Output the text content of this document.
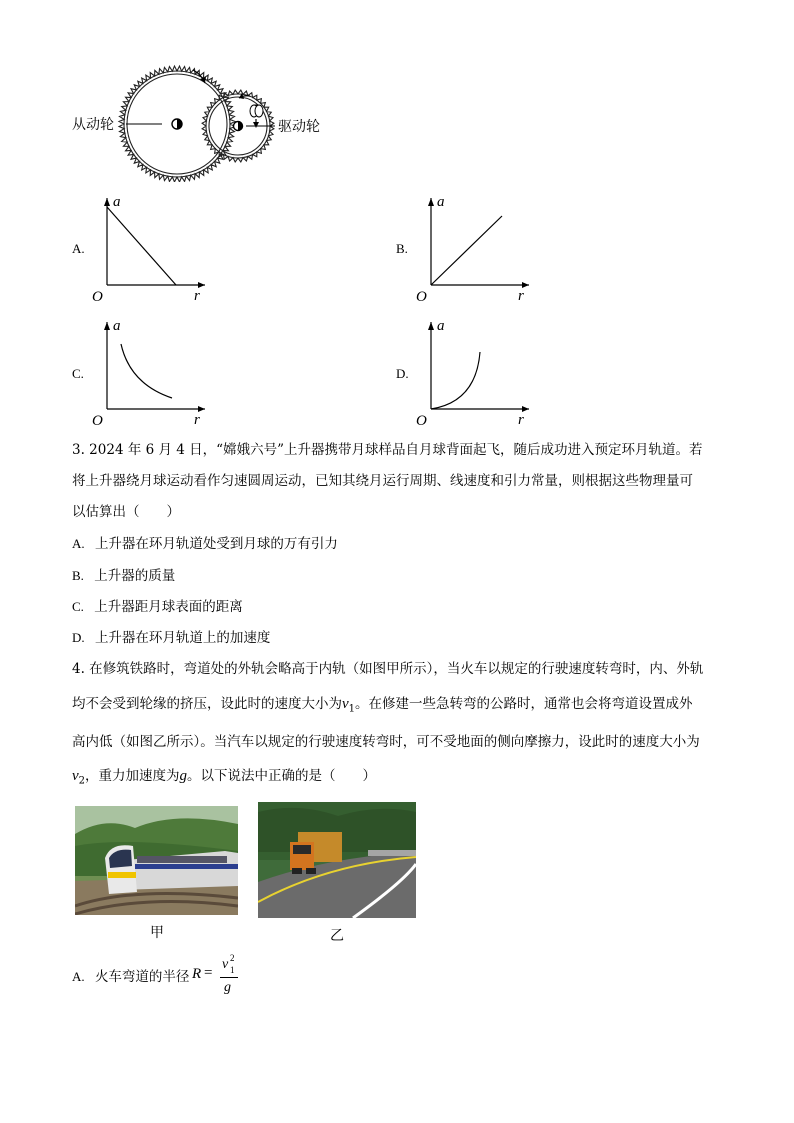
从动轮	驱动轮
A.
a
r
O
B.
a
r
O
C.
a
r
O
D.
a
r
O
3. 2024 年 6 月 4 日，“嫦娥六号”上升器携带月球样品自月球背面起飞，随后成功进入预定环月轨道。若
将上升器绕月球运动看作匀速圆周运动，已知其绕月运行周期、线速度和引力常量，则根据这些物理量可
以估算出（　　）
A. 上升器在环月轨道处受到月球的万有引力
B. 上升器的质量
C. 上升器距月球表面的距离
D. 上升器在环月轨道上的加速度
4. 在修筑铁路时，弯道处的外轨会略高于内轨（如图甲所示），当火车以规定的行驶速度转弯时，内、外轨
均不会受到轮缘的挤压，设此时的速度大小为$v_1$。在修建一些急转弯的公路时，通常也会将弯道设置成外
高内低（如图乙所示）。当汽车以规定的行驶速度转弯时，可不受地面的侧向摩擦力，设此时的速度大小为
$v_2$，重力加速度为g。以下说法中正确的是（　　）
甲	乙
A. 火车弯道的半径 R =
v 2
1
g
